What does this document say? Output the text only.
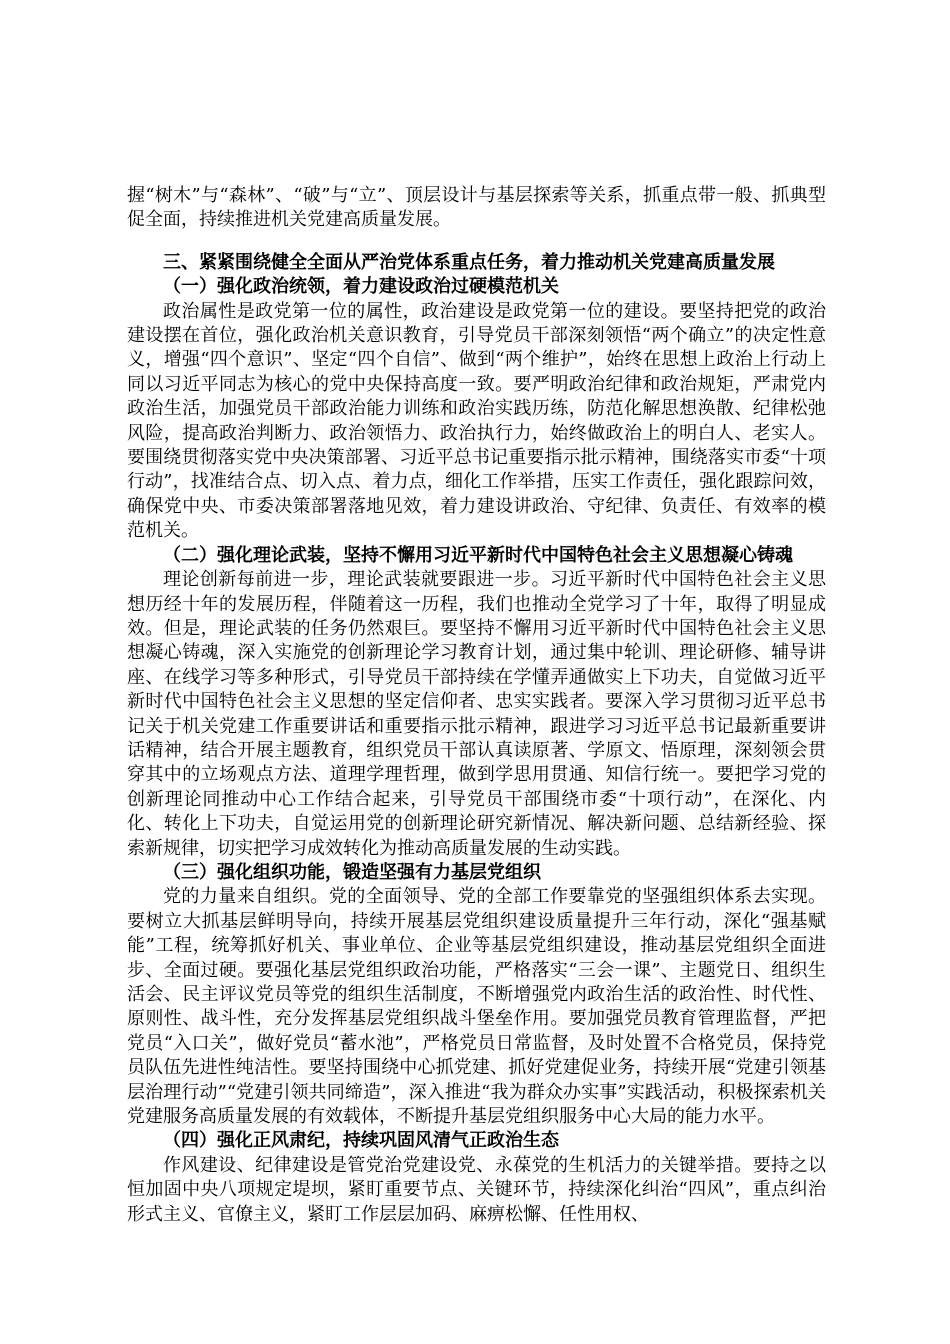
握“树木”与“森林”、“破”与“立”、顶层设计与基层探索等关系，抓重点带一般、抓典型促全面，持续推进机关党建高质量发展。

三、紧紧围绕健全全面从严治党体系重点任务，着力推动机关党建高质量发展

（一）强化政治统领，着力建设政治过硬模范机关

政治属性是政党第一位的属性，政治建设是政党第一位的建设。要坚持把党的政治建设摆在首位，强化政治机关意识教育，引导党员干部深刻领悟“两个确立”的决定性意义，增强“四个意识”、坚定“四个自信”、做到“两个维护”，始终在思想上政治上行动上同以习近平同志为核心的党中央保持高度一致。要严明政治纪律和政治规矩，严肃党内政治生活，加强党员干部政治能力训练和政治实践历练，防范化解思想涣散、纪律松弛风险，提高政治判断力、政治领悟力、政治执行力，始终做政治上的明白人、老实人。要围绕贯彻落实党中央决策部署、习近平总书记重要指示批示精神，围绕落实市委“十项行动”，找准结合点、切入点、着力点，细化工作举措，压实工作责任，强化跟踪问效，确保党中央、市委决策部署落地见效，着力建设讲政治、守纪律、负责任、有效率的模范机关。

（二）强化理论武装，坚持不懈用习近平新时代中国特色社会主义思想凝心铸魂

理论创新每前进一步，理论武装就要跟进一步。习近平新时代中国特色社会主义思想历经十年的发展历程，伴随着这一历程，我们也推动全党学习了十年，取得了明显成效。但是，理论武装的任务仍然艰巨。要坚持不懈用习近平新时代中国特色社会主义思想凝心铸魂，深入实施党的创新理论学习教育计划，通过集中轮训、理论研修、辅导讲座、在线学习等多种形式，引导党员干部持续在学懂弄通做实上下功夫，自觉做习近平新时代中国特色社会主义思想的坚定信仰者、忠实实践者。要深入学习贯彻习近平总书记关于机关党建工作重要讲话和重要指示批示精神，跟进学习习近平总书记最新重要讲话精神，结合开展主题教育，组织党员干部认真读原著、学原文、悟原理，深刻领会贯穿其中的立场观点方法、道理学理哲理，做到学思用贯通、知信行统一。要把学习党的创新理论同推动中心工作结合起来，引导党员干部围绕市委“十项行动”，在深化、内化、转化上下功夫，自觉运用党的创新理论研究新情况、解决新问题、总结新经验、探索新规律，切实把学习成效转化为推动高质量发展的生动实践。

（三）强化组织功能，锻造坚强有力基层党组织

党的力量来自组织。党的全面领导、党的全部工作要靠党的坚强组织体系去实现。要树立大抓基层鲜明导向，持续开展基层党组织建设质量提升三年行动，深化“强基赋能”工程，统筹抓好机关、事业单位、企业等基层党组织建设，推动基层党组织全面进步、全面过硬。要强化基层党组织政治功能，严格落实“三会一课”、主题党日、组织生活会、民主评议党员等党的组织生活制度，不断增强党内政治生活的政治性、时代性、原则性、战斗性，充分发挥基层党组织战斗堡垒作用。要加强党员教育管理监督，严把党员“入口关”，做好党员“蓄水池”，严格党员日常监督，及时处置不合格党员，保持党员队伍先进性纯洁性。要坚持围绕中心抓党建、抓好党建促业务，持续开展“党建引领基层治理行动”“党建引领共同缔造”，深入推进“我为群众办实事”实践活动，积极探索机关党建服务高质量发展的有效载体，不断提升基层党组织服务中心大局的能力水平。

（四）强化正风肃纪，持续巩固风清气正政治生态

作风建设、纪律建设是管党治党建设党、永葆党的生机活力的关键举措。要持之以恒加固中央八项规定堤坝，紧盯重要节点、关键环节，持续深化纠治“四风”，重点纠治形式主义、官僚主义，紧盯工作层层加码、麻痹松懈、任性用权、
